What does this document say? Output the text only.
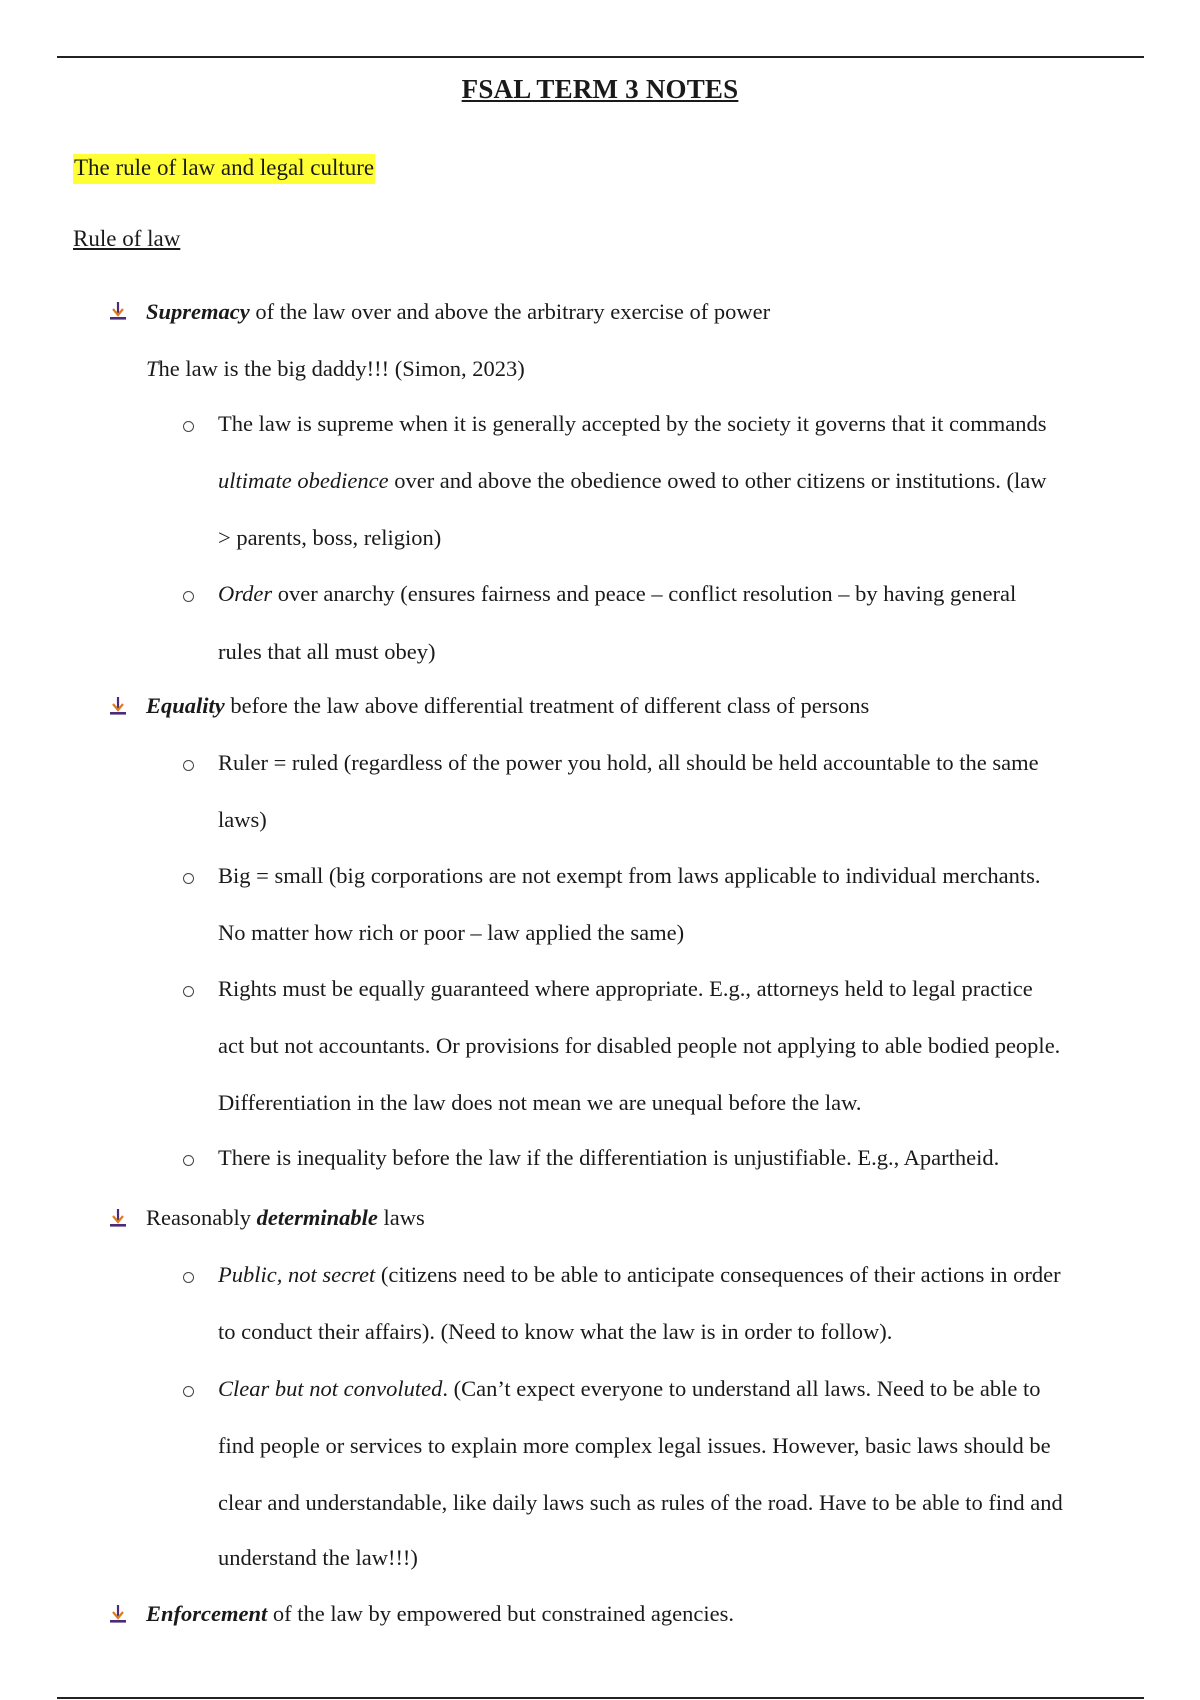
FSAL TERM 3 NOTES
The rule of law and legal culture
Rule of law
Supremacy of the law over and above the arbitrary exercise of power
The law is the big daddy!!! (Simon, 2023)
The law is supreme when it is generally accepted by the society it governs that it commands
ultimate obedience over and above the obedience owed to other citizens or institutions. (law
> parents, boss, religion)
Order over anarchy (ensures fairness and peace – conflict resolution – by having general
rules that all must obey)
Equality before the law above differential treatment of different class of persons
Ruler = ruled (regardless of the power you hold, all should be held accountable to the same
laws)
Big = small (big corporations are not exempt from laws applicable to individual merchants.
No matter how rich or poor – law applied the same)
Rights must be equally guaranteed where appropriate. E.g., attorneys held to legal practice
act but not accountants. Or provisions for disabled people not applying to able bodied people.
Differentiation in the law does not mean we are unequal before the law.
There is inequality before the law if the differentiation is unjustifiable. E.g., Apartheid.
Reasonably determinable laws
Public, not secret (citizens need to be able to anticipate consequences of their actions in order
to conduct their affairs). (Need to know what the law is in order to follow).
Clear but not convoluted. (Can’t expect everyone to understand all laws. Need to be able to
find people or services to explain more complex legal issues. However, basic laws should be
clear and understandable, like daily laws such as rules of the road. Have to be able to find and
understand the law!!!)
Enforcement of the law by empowered but constrained agencies.
